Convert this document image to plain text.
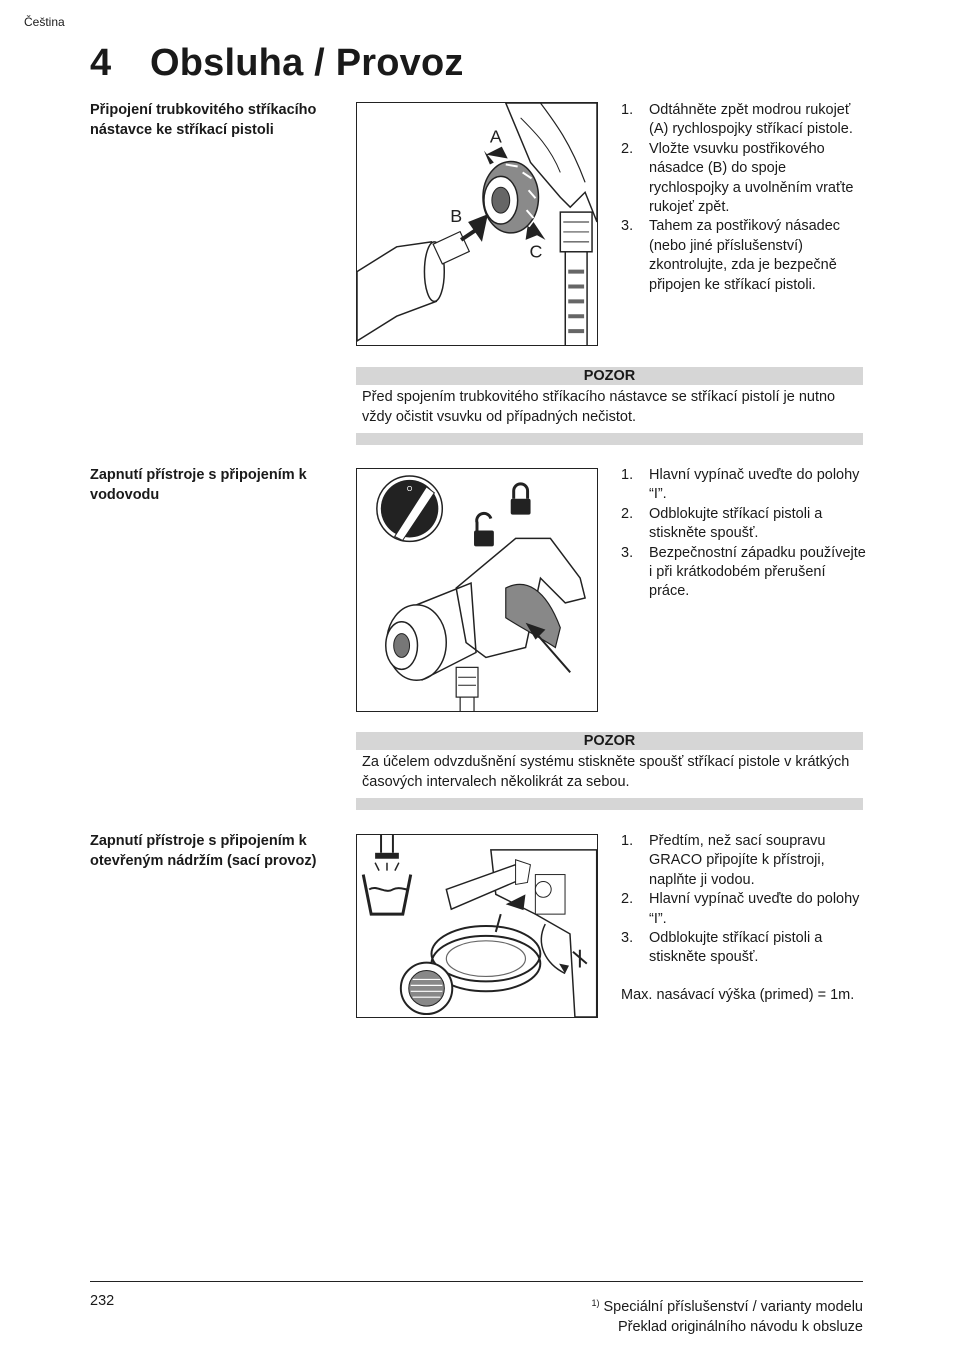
Čeština
4 Obsluha / Provoz
Připojení trubkovitého stříkacího nástavce ke stříkací pistoli	A
B
C
1. Odtáhněte zpět modrou rukojeť (A) rychlospojky stříkací pistole.
2. Vložte vsuvku postřikového násadce (B) do spoje rychlospojky a uvolněním vraťte rukojeť zpět.
3. Tahem za postřikový násadec (nebo jiné příslušenství) zkontrolujte, zda je bezpečně připojen ke stříkací pistoli.
POZOR
Před spojením trubkovitého stříkacího nástavce se stříkací pistolí je nutno vždy očistit vsuvku od případných nečistot.
Zapnutí přístroje s připojením k vodovodu	O
1. Hlavní vypínač uveďte do polohy “I”.
2. Odblokujte stříkací pistoli a stiskněte spoušť.
3. Bezpečnostní západku používejte i při krátkodobém přerušení práce.
POZOR
Za účelem odvzdušnění systému stiskněte spoušť stříkací pistole v krátkých časových intervalech několikrát za sebou.
Zapnutí přístroje s připojením k otevřeným nádržím (sací provoz)
1. Předtím, než sací soupravu GRACO připojíte k přístroji, naplňte ji vodou.
2. Hlavní vypínač uveďte do polohy “I”.
3. Odblokujte stříkací pistoli a stiskněte spoušť.

Max. nasávací výška (primed) = 1m.

232	$^{1)}$ Speciální příslušenství / varianty modelu
Překlad originálního návodu k obsluze
